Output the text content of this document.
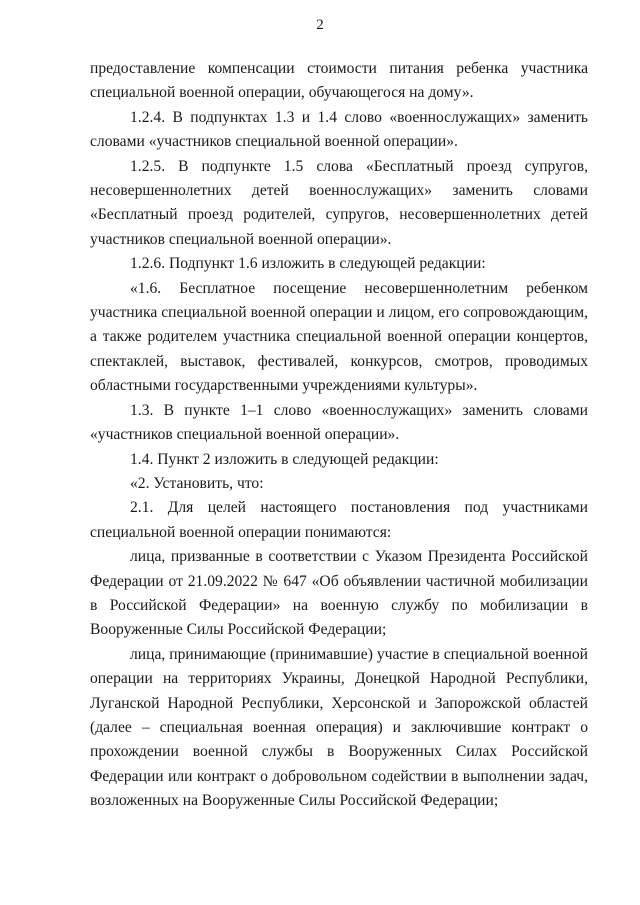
2

предоставление компенсации стоимости питания ребенка участника специальной военной операции, обучающегося на дому».

1.2.4. В подпунктах 1.3 и 1.4 слово «военнослужащих» заменить словами «участников специальной военной операции».

1.2.5. В подпункте 1.5 слова «Бесплатный проезд супругов, несовершеннолетних детей военнослужащих» заменить словами «Бесплатный проезд родителей, супругов, несовершеннолетних детей участников специальной военной операции».

1.2.6. Подпункт 1.6 изложить в следующей редакции:

«1.6. Бесплатное посещение несовершеннолетним ребенком участника специальной военной операции и лицом, его сопровождающим, а также родителем участника специальной военной операции концертов, спектаклей, выставок, фестивалей, конкурсов, смотров, проводимых областными государственными учреждениями культуры».

1.3. В пункте 1–1 слово «военнослужащих» заменить словами «участников специальной военной операции».

1.4. Пункт 2 изложить в следующей редакции:

«2. Установить, что:

2.1. Для целей настоящего постановления под участниками специальной военной операции понимаются:

лица, призванные в соответствии с Указом Президента Российской Федерации от 21.09.2022 № 647 «Об объявлении частичной мобилизации в Российской Федерации» на военную службу по мобилизации в Вооруженные Силы Российской Федерации;

лица, принимающие (принимавшие) участие в специальной военной операции на территориях Украины, Донецкой Народной Республики, Луганской Народной Республики, Херсонской и Запорожской областей (далее – специальная военная операция) и заключившие контракт о прохождении военной службы в Вооруженных Силах Российской Федерации или контракт о добровольном содействии в выполнении задач, возложенных на Вооруженные Силы Российской Федерации;
